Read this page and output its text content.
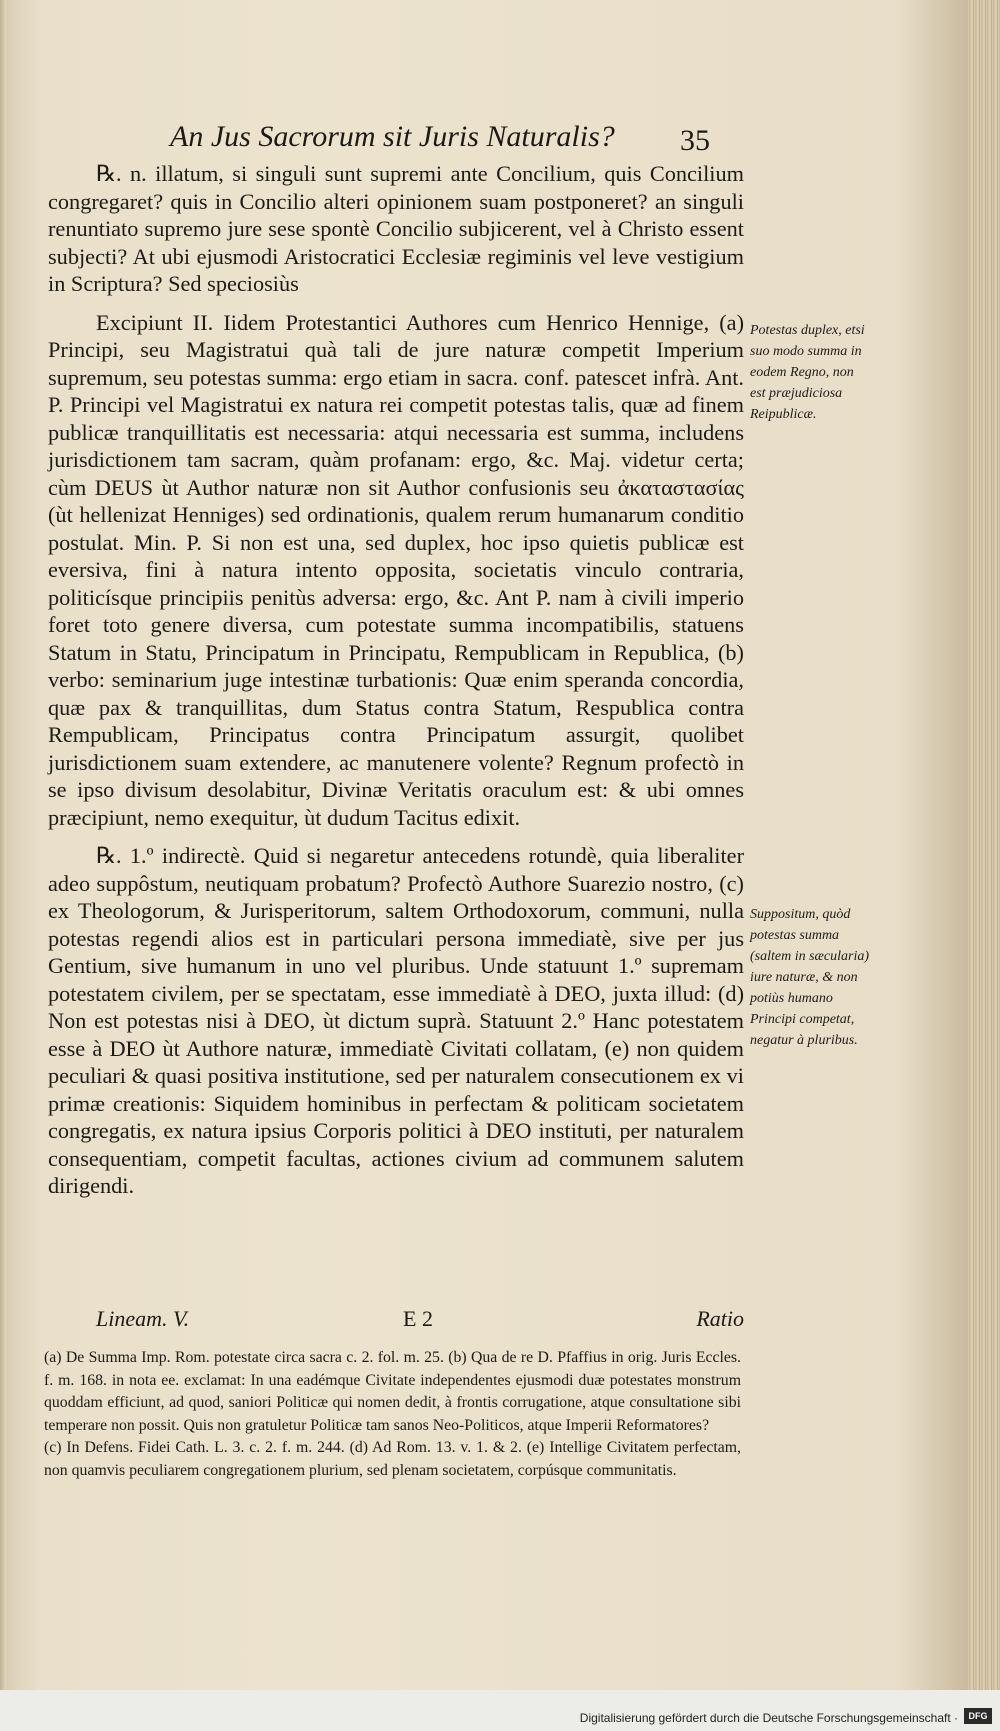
An Jus Sacrorum sit Juris Naturalis?	35

℞. n. illatum, si singuli sunt supremi ante Concilium, quis Concilium congregaret? quis in Concilio alteri opinionem suam postponeret? an singuli renuntiato supremo jure sese spontè Concilio subjicerent, vel à Christo essent subjecti? At ubi ejusmodi Aristocratici Ecclesiæ regiminis vel leve vestigium in Scriptura? Sed speciosiùs

Excipiunt II. Iidem Protestantici Authores cum Henrico Hennige, (a) Principi, seu Magistratui quà tali de jure naturæ competit Imperium supremum, seu potestas summa: ergo etiam in sacra. conf. patescet infrà. Ant. P. Principi vel Magistratui ex natura rei competit potestas talis, quæ ad finem publicæ tranquillitatis est necessaria: atqui necessaria est summa, includens jurisdictionem tam sacram, quàm profanam: ergo, &c. Maj. videtur certa; cùm DEUS ùt Author naturæ non sit Author confusionis seu ἀκαταστασίας (ùt hellenizat Henniges) sed ordinationis, qualem rerum humanarum conditio postulat. Min. P. Si non est una, sed duplex, hoc ipso quietis publicæ est eversiva, fini à natura intento opposita, societatis vinculo contraria, politicísque principiis penitùs adversa: ergo, &c. Ant P. nam à civili imperio foret toto genere diversa, cum potestate summa incompatibilis, statuens Statum in Statu, Principatum in Principatu, Rempublicam in Republica, (b) verbo: seminarium juge intestinæ turbationis: Quæ enim speranda concordia, quæ pax & tranquillitas, dum Status contra Statum, Respublica contra Rempublicam, Principatus contra Principatum assurgit, quolibet jurisdictionem suam extendere, ac manutenere volente? Regnum profectò in se ipso divisum desolabitur, Divinæ Veritatis oraculum est: & ubi omnes præcipiunt, nemo exequitur, ùt dudum Tacitus edixit.

℞. 1.º indirectè. Quid si negaretur antecedens rotundè, quia liberaliter adeo suppôstum, neutiquam probatum? Profectò Authore Suarezio nostro, (c) ex Theologorum, & Jurisperitorum, saltem Orthodoxorum, communi, nulla potestas regendi alios est in particulari persona immediatè, sive per jus Gentium, sive humanum in uno vel pluribus. Unde statuunt 1.º supremam potestatem civilem, per se spectatam, esse immediatè à DEO, juxta illud: (d) Non est potestas nisi à DEO, ùt dictum suprà. Statuunt 2.º Hanc potestatem esse à DEO ùt Authore naturæ, immediatè Civitati collatam, (e) non quidem peculiari & quasi positiva institutione, sed per naturalem consecutionem ex vi primæ creationis: Siquidem hominibus in perfectam & politicam societatem congregatis, ex natura ipsius Corporis politici à DEO instituti, per naturalem consequentiam, competit facultas, actiones civium ad communem salutem dirigendi.

Potestas duplex, etsi suo modo summa in eodem Regno, non est præjudiciosa Reipublicæ.
Lineam. V.	E 2	Ratio

(a) De Summa Imp. Rom. potestate circa sacra c. 2. fol. m. 25. (b) Qua de re D. Pfaffius in orig. Juris Eccles. f. m. 168. in nota ee. exclamat: In una eadémque Civitate independentes ejusmodi duæ potestates monstrum quoddam efficiunt, ad quod, saniori Politicæ qui nomen dedit, à frontis corrugatione, atque consultatione sibi temperare non possit. Quis non gratuletur Politicæ tam sanos Neo-Politicos, atque Imperii Reformatores?

(c) In Defens. Fidei Cath. L. 3. c. 2. f. m. 244. (d) Ad Rom. 13. v. 1. & 2. (e) Intellige Civitatem perfectam, non quamvis peculiarem congregationem plurium, sed plenam societatem, corpúsque communitatis.

Suppositum, quòd potestas summa (saltem in sæcularia) iure naturæ, & non potiùs humano Principi competat, negatur à pluribus.
Digitalisierung gefördert durch die Deutsche Forschungsgemeinschaft ·	DFG
